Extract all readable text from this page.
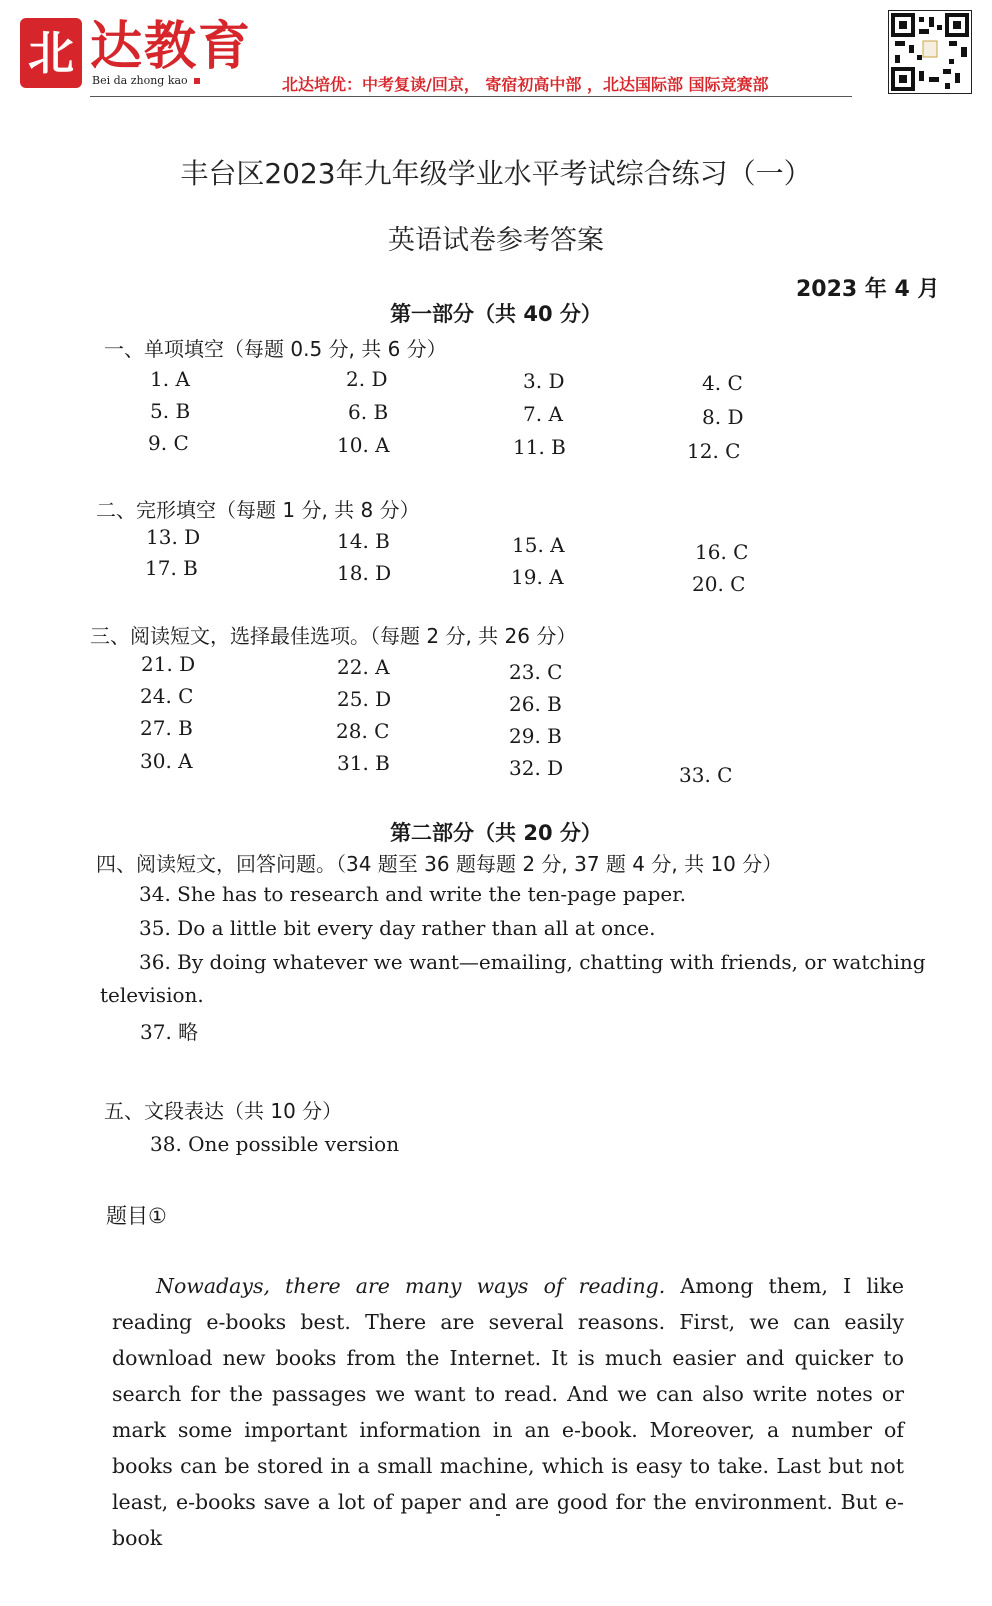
北 达教育
Bei da zhong kao	北达培优：中考复读/回京， 寄宿初高中部 ，北达国际部 国际竞赛部
丰台区2023年九年级学业水平考试综合练习（一）
英语试卷参考答案
2023 年 4 月
第一部分（共 40 分）
一、单项填空（每题 0.5 分, 共 6 分）
1. A	2. D	3. D	4. C
5. B	6. B	7. A	8. D
9. C	10. A	11. B	12. C
二、完形填空（每题 1 分, 共 8 分）
13. D	14. B	15. A	16. C
17. B	18. D	19. A	20. C
三、阅读短文，选择最佳选项。（每题 2 分, 共 26 分）
21. D	22. A	23. C
24. C	25. D	26. B
27. B	28. C	29. B
30. A	31. B	32. D	33. C
第二部分（共 20 分）
四、阅读短文，回答问题。（34 题至 36 题每题 2 分, 37 题 4 分, 共 10 分）
34. She has to research and write the ten-page paper.
35. Do a little bit every day rather than all at once.
36. By doing whatever we want—emailing, chatting with friends, or watching
television.
37. 略
五、文段表达（共 10 分）
38. One possible version
题目①
Nowadays, there are many ways of reading. Among them, I like reading e-books best. There are several reasons. First, we can easily download new books from the Internet. It is much easier and quicker to search for the passages we want to read. And we can also write notes or mark some important information in an e-book. Moreover, a number of books can be stored in a small machine, which is easy to take. Last but not least, e-books save a lot of paper and are good for the environment. But e-book
